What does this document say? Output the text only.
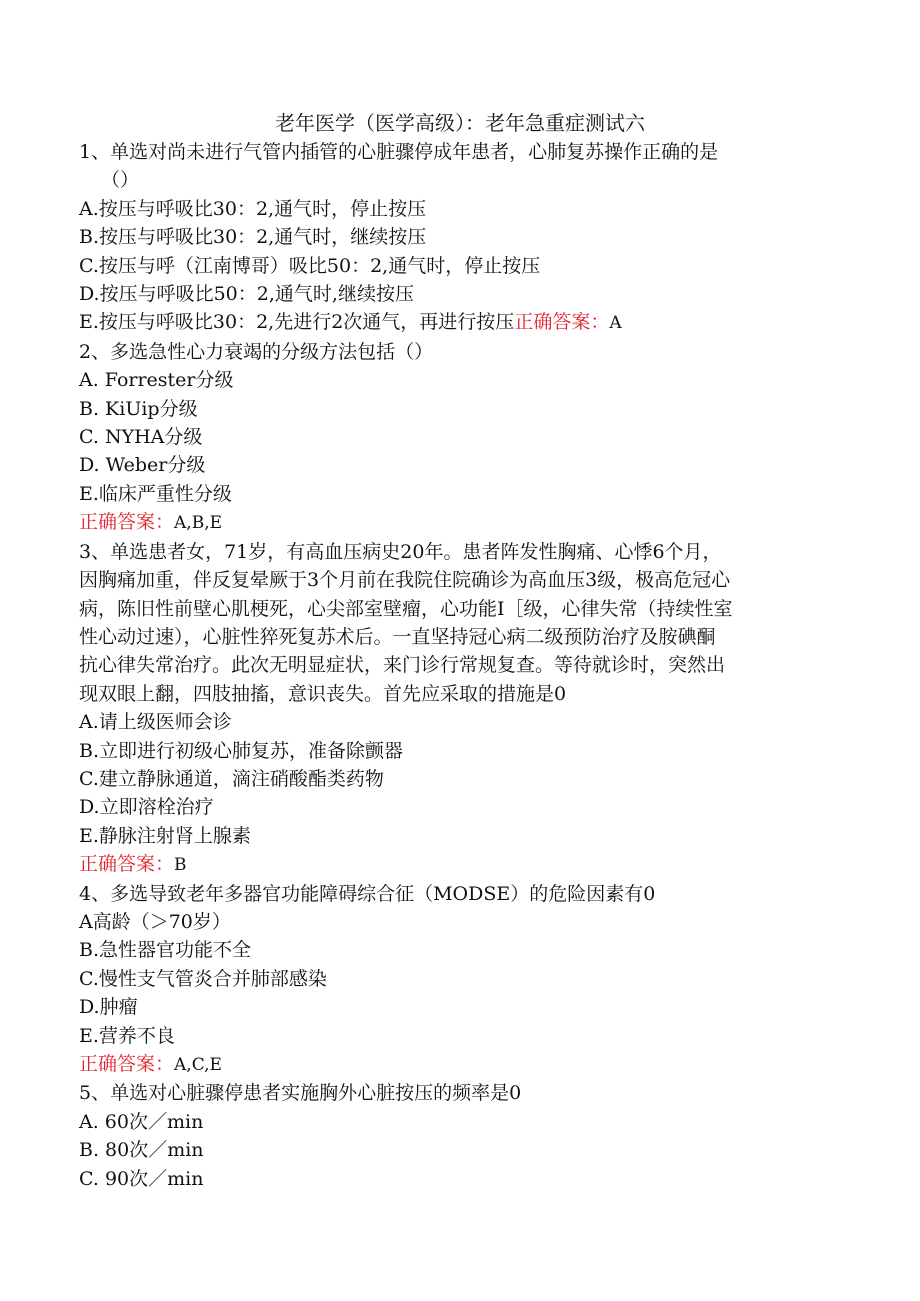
老年医学（医学高级）：老年急重症测试六
1、单选对尚未进行气管内插管的心脏骤停成年患者，心肺复苏操作正确的是
（）
A.按压与呼吸比30：2,通气时，停止按压
B.按压与呼吸比30：2,通气时，继续按压
C.按压与呼（江南博哥）吸比50：2,通气时，停止按压
D.按压与呼吸比50：2,通气时,继续按压
E.按压与呼吸比30：2,先进行2次通气，再进行按压正确答案：A
2、多选急性心力衰竭的分级方法包括（）
A. Forrester分级
B. KiUip分级
C. NYHA分级
D. Weber分级
E.临床严重性分级
正确答案：A,B,E
3、单选患者女，71岁，有高血压病史20年。患者阵发性胸痛、心悸6个月，
因胸痛加重，伴反复晕厥于3个月前在我院住院确诊为高血压3级，极高危冠心
病，陈旧性前壁心肌梗死，心尖部室壁瘤，心功能I［级，心律失常（持续性室
性心动过速），心脏性猝死复苏术后。一直坚持冠心病二级预防治疗及胺碘酮
抗心律失常治疗。此次无明显症状，来门诊行常规复查。等待就诊时，突然出
现双眼上翻，四肢抽搐，意识丧失。首先应采取的措施是0
A.请上级医师会诊
B.立即进行初级心肺复苏，准备除颤器
C.建立静脉通道，滴注硝酸酯类药物
D.立即溶栓治疗
E.静脉注射肾上腺素
正确答案：B
4、多选导致老年多器官功能障碍综合征（MODSE）的危险因素有0
A高龄（＞70岁）
B.急性器官功能不全
C.慢性支气管炎合并肺部感染
D.肿瘤
E.营养不良
正确答案：A,C,E
5、单选对心脏骤停患者实施胸外心脏按压的频率是0
A. 60次／min
B. 80次／min
C. 90次／min
